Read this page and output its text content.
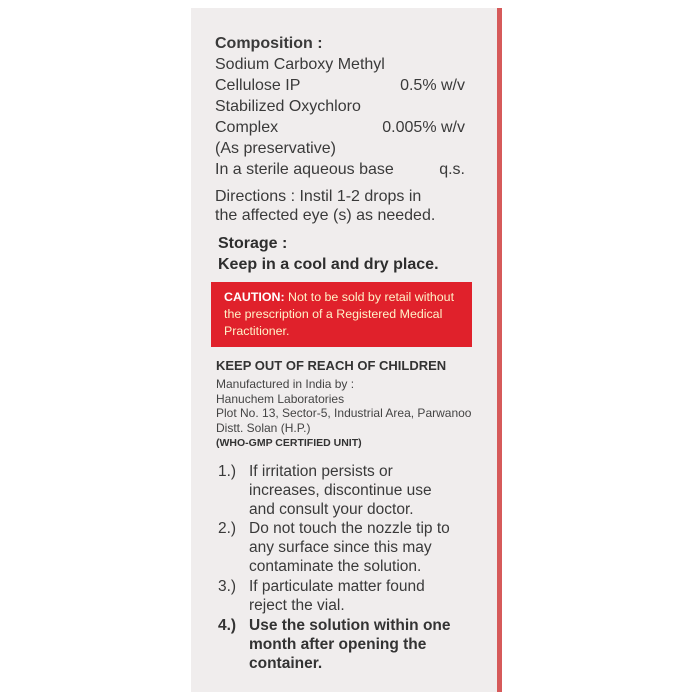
Composition :
Sodium Carboxy Methyl
Cellulose IP	0.5% w/v
Stabilized Oxychloro
Complex	0.005% w/v
(As preservative)
In a sterile aqueous base	q.s.
Directions : Instil 1-2 drops in
the affected eye (s) as needed.
Storage :
Keep in a cool and dry place.
CAUTION: Not to be sold by retail without
the prescription of a Registered Medical
Practitioner.
KEEP OUT OF REACH OF CHILDREN
Manufactured in India by :
Hanuchem Laboratories
Plot No. 13, Sector-5, Industrial Area, Parwanoo
Distt. Solan (H.P.)
(WHO-GMP CERTIFIED UNIT)
1.) If irritation persists or
increases, discontinue use
and consult your doctor.
2.) Do not touch the nozzle tip to
any surface since this may
contaminate the solution.
3.) If particulate matter found
reject the vial.
4.) Use the solution within one
month after opening the
container.
